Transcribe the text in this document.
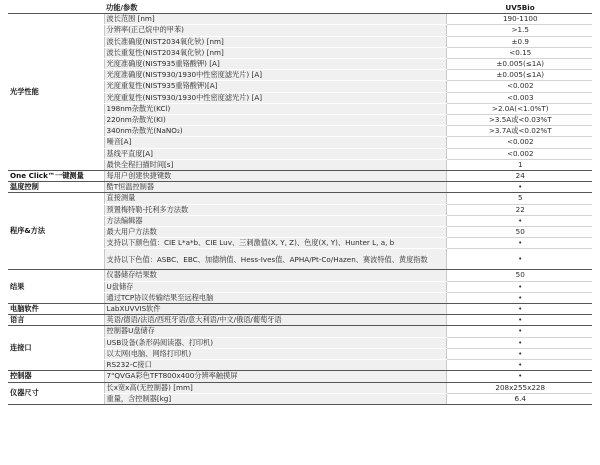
	功能/参数	UV5Bio
光学性能	波长范围 [nm]	190-1100
	分辨率(正己烷中的甲苯)	>1.5
	波长准确度(NIST2034氧化钬) [nm]	±0.9
	波长重复性(NIST2034氧化钬) [nm]	<0.15
	光度准确度(NIST935重铬酸钾) [A]	±0.005(≤1A)
	光度准确度(NIST930/1930中性密度滤光片) [A]	±0.005(≤1A)
	光度重复性(NIST935重铬酸钾)[A]	<0.002
	光度重复性(NIST930/1930中性密度滤光片) [A]	<0.003
	198nm杂散光(KCl)	>2.0A(<1.0%T)
	220nm杂散光(KI)	>3.5A或<0.03%T
	340nm杂散光(NaNO₂)	>3.7A或<0.02%T
	噪音[A]	<0.002
	基线平直度[A]	<0.002
	最快全程扫描时间[s]	1
One Click™一键测量	每用户创建快捷键数	24
温度控制	酷T恒温控制器	•
程序&方法	直接测量	5
	预置梅特勒-托利多方法数	22
	方法编辑器	•
	最大用户方法数	50
	支持以下颜色值：CIE L*a*b、CIE Luv、三刺激值(X, Y, Z)、色度(X, Y)、Hunter L, a, b	•
	支持以下色值：ASBC、EBC、加德纳值、Hess-Ives值、APHA/Pt-Co/Hazen、赛波特值、黄度指数	•
结果	仪器储存结果数	50
	U盘储存	•
	通过TCP协议传输结果至远程电脑	•
电脑软件	LabXUVVIS软件	•
语言	英语/德语/法语/西班牙语/意大利语/中文/俄语/葡萄牙语	•
连接口	控制器U盘储存	•
	USB设备(条形码阅读器、打印机)	•
	以太网(电脑、网络打印机)	•
	RS232-C接口	•
控制器	7"QVGA彩色TFT800x400分辨率触摸屏	•
仪器尺寸	长x宽x高(无控制器) [mm]	208x255x228
	重量，含控制器[kg]	6.4
